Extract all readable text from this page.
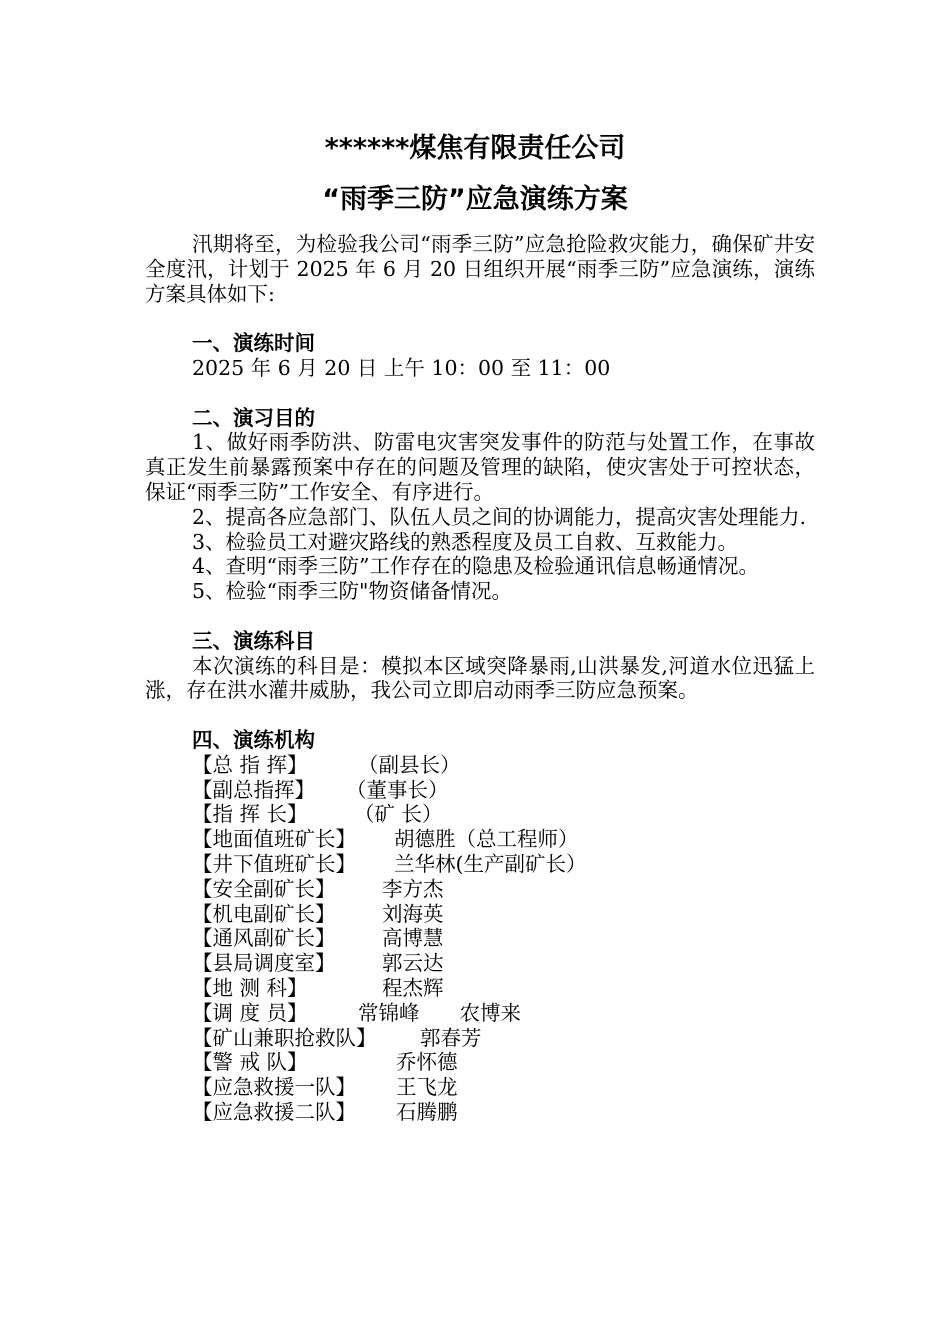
******煤焦有限责任公司
“雨季三防”应急演练方案

汛期将至，为检验我公司“雨季三防”应急抢险救灾能力，确保矿井安全度汛，计划于 2025 年 6 月 20 日组织开展“雨季三防”应急演练，演练方案具体如下:

一、演练时间

2025 年 6 月 20 日 上午 10：00 至 11：00

二、演习目的

1、做好雨季防洪、防雷电灾害突发事件的防范与处置工作，在事故真正发生前暴露预案中存在的问题及管理的缺陷，使灾害处于可控状态，保证“雨季三防”工作安全、有序进行。

2、提高各应急部门、队伍人员之间的协调能力，提高灾害处理能力.

3、检验员工对避灾路线的熟悉程度及员工自救、互救能力。

4、查明“雨季三防”工作存在的隐患及检验通讯信息畅通情况。

5、检验“雨季三防"物资储备情况。

三、演练科目

本次演练的科目是：模拟本区域突降暴雨,山洪暴发,河道水位迅猛上涨，存在洪水灌井威胁，我公司立即启动雨季三防应急预案。

四、演练机构

【总 指 挥】	（副县长）
【副总指挥】	（董事长）
【指 挥 长】	（矿 长）
【地面值班矿长】	胡德胜（总工程师）
【井下值班矿长】	兰华林(生产副矿长）
【安全副矿长】	李方杰
【机电副矿长】	刘海英
【通风副矿长】	高博慧
【县局调度室】	郭云达
【地 测 科】	程杰辉
【调 度 员】	常锦峰 农博来
【矿山兼职抢救队】	郭春芳
【警 戒 队】	乔怀德
【应急救援一队】	王飞龙
【应急救援二队】	石腾鹏
